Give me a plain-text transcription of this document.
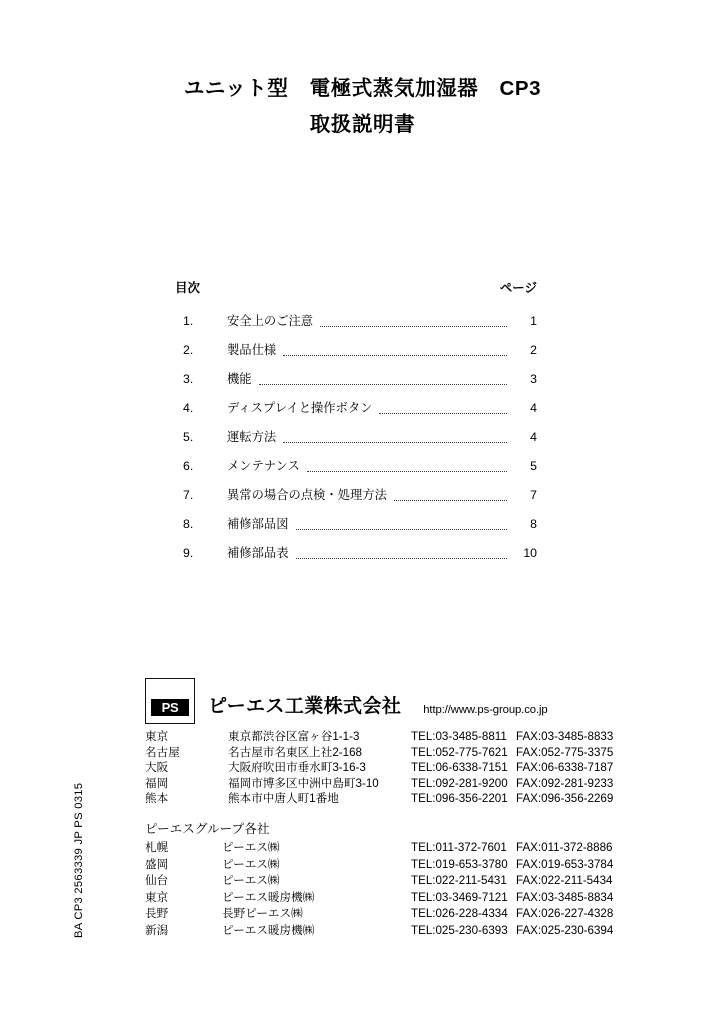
ユニット型　電極式蒸気加湿器　CP3
取扱説明書
目次	ページ
1.	安全上のご注意	1
2.	製品仕様	2
3.	機能	3
4.	ディスプレイと操作ボタン	4
5.	運転方法	4
6.	メンテナンス	5
7.	異常の場合の点検・処理方法	7
8.	補修部品図	8
9.	補修部品表	10
PS ピーエス工業株式会社 http://www.ps-group.co.jp
東京	東京都渋谷区富ヶ谷1-1-3	TEL:03-3485-8811 FAX:03-3485-8833
名古屋	名古屋市名東区上社2-168	TEL:052-775-7621 FAX:052-775-3375
大阪	大阪府吹田市垂水町3-16-3	TEL:06-6338-7151 FAX:06-6338-7187
福岡	福岡市博多区中洲中島町3-10	TEL:092-281-9200 FAX:092-281-9233
熊本	熊本市中唐人町1番地	TEL:096-356-2201 FAX:096-356-2269
ピーエスグループ各社
札幌	ピーエス㈱	TEL:011-372-7601 FAX:011-372-8886
盛岡	ピーエス㈱	TEL:019-653-3780 FAX:019-653-3784
仙台	ピーエス㈱	TEL:022-211-5431 FAX:022-211-5434
東京	ピーエス暖房機㈱	TEL:03-3469-7121 FAX:03-3485-8834
長野	長野ピーエス㈱	TEL:026-228-4334 FAX:026-227-4328
新潟	ピーエス暖房機㈱	TEL:025-230-6393 FAX:025-230-6394
BA CP3 2563339 JP PS 0315
